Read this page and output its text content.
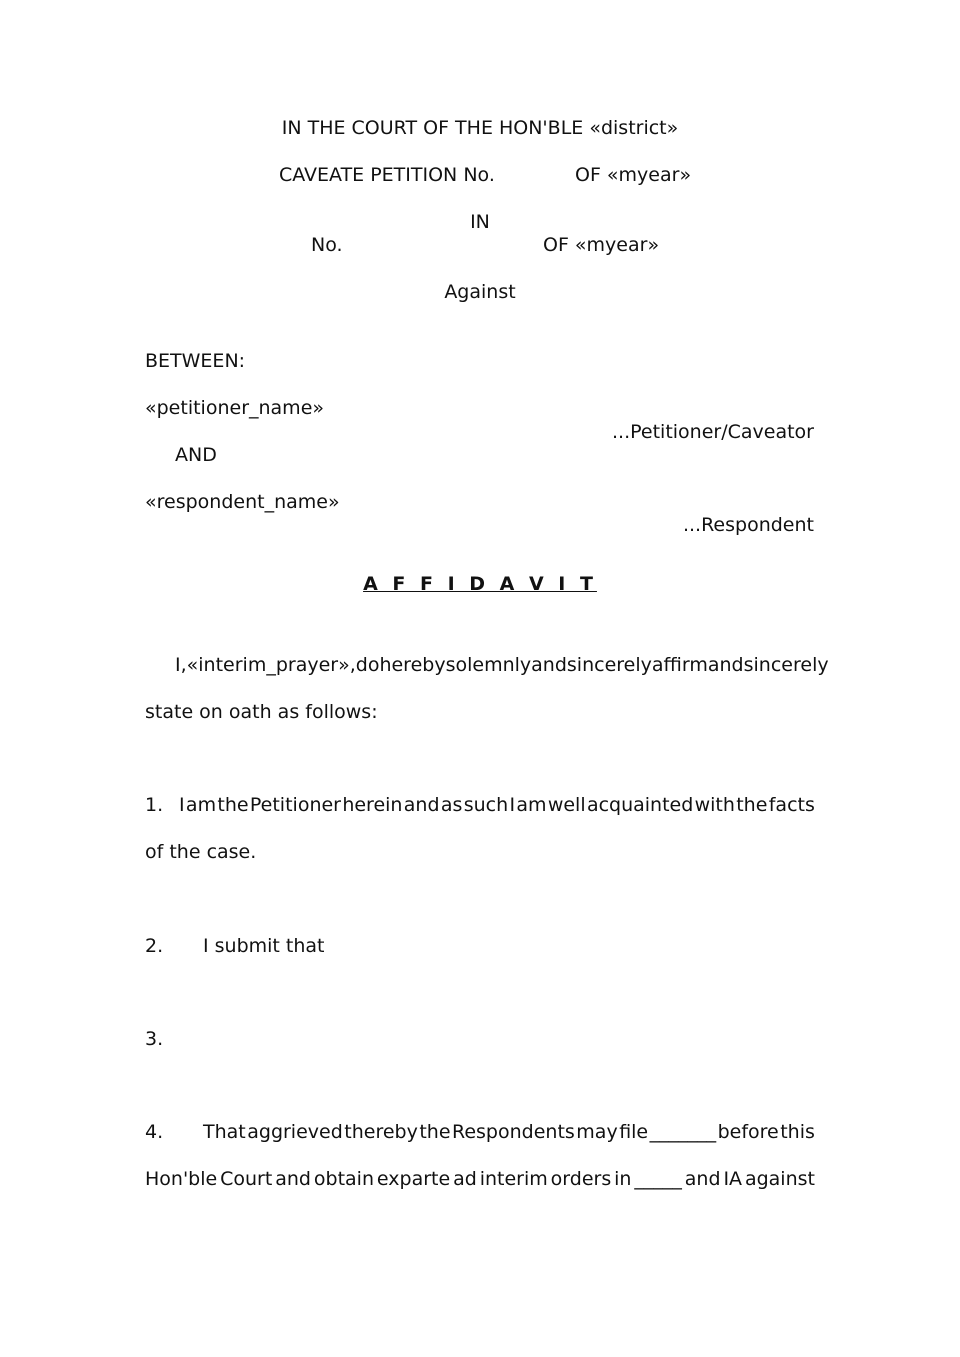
IN THE COURT OF THE HON'BLE «district»
CAVEATE PETITION No.	OF «myear»
IN
No.	OF «myear»
Against
BETWEEN:
«petitioner_name»
...Petitioner/Caveator
AND
«respondent_name»
...Respondent
A F F I D A V I T
I, «interim_prayer», do hereby solemnly and sincerely affirm and sincerely
state on oath as follows:
1. I am the Petitioner herein and as such I am well acquainted with the facts
of the case.
2. I submit that
3.
4. That aggrieved thereby the Respondents may file _______ before this
Hon'ble Court and obtain exparte ad interim orders in _____ and IA against
